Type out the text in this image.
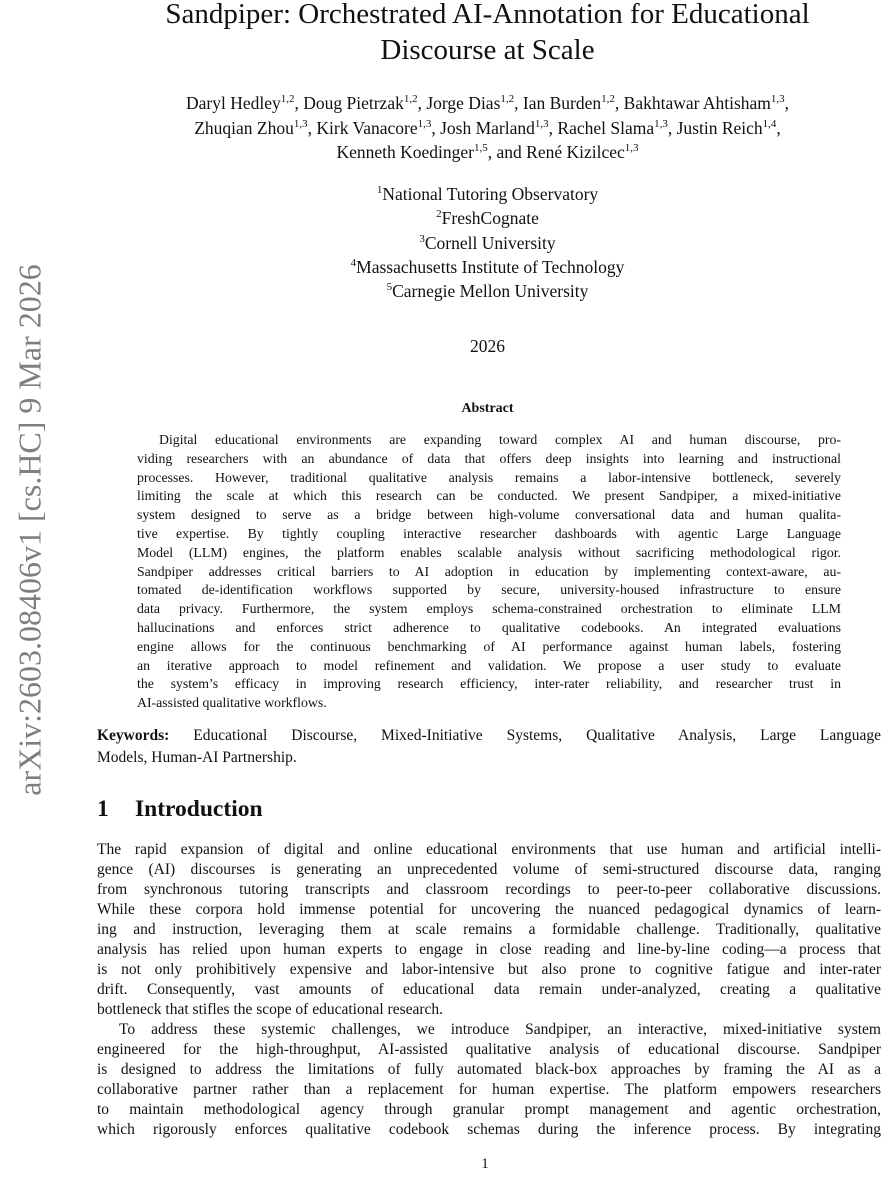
arXiv:2603.08406v1 [cs.HC] 9 Mar 2026
Sandpiper: Orchestrated AI-Annotation for Educational
Discourse at Scale
Daryl Hedley$^{1,2}$, Doug Pietrzak$^{1,2}$, Jorge Dias$^{1,2}$, Ian Burden$^{1,2}$, Bakhtawar Ahtisham$^{1,3}$,
Zhuqian Zhou$^{1,3}$, Kirk Vanacore$^{1,3}$, Josh Marland$^{1,3}$, Rachel Slama$^{1,3}$, Justin Reich$^{1,4}$,
Kenneth Koedinger$^{1,5}$, and René Kizilcec$^{1,3}$
$^1$National Tutoring Observatory
$^2$FreshCognate
$^3$Cornell University
$^4$Massachusetts Institute of Technology
$^5$Carnegie Mellon University
2026
Abstract
Digital educational environments are expanding toward complex AI and human discourse, pro-
viding researchers with an abundance of data that offers deep insights into learning and instructional
processes. However, traditional qualitative analysis remains a labor-intensive bottleneck, severely
limiting the scale at which this research can be conducted. We present Sandpiper, a mixed-initiative
system designed to serve as a bridge between high-volume conversational data and human qualita-
tive expertise. By tightly coupling interactive researcher dashboards with agentic Large Language
Model (LLM) engines, the platform enables scalable analysis without sacrificing methodological rigor.
Sandpiper addresses critical barriers to AI adoption in education by implementing context-aware, au-
tomated de-identification workflows supported by secure, university-housed infrastructure to ensure
data privacy. Furthermore, the system employs schema-constrained orchestration to eliminate LLM
hallucinations and enforces strict adherence to qualitative codebooks. An integrated evaluations
engine allows for the continuous benchmarking of AI performance against human labels, fostering
an iterative approach to model refinement and validation. We propose a user study to evaluate
the system’s efficacy in improving research efficiency, inter-rater reliability, and researcher trust in
AI-assisted qualitative workflows.
Keywords: Educational Discourse, Mixed-Initiative Systems, Qualitative Analysis, Large Language
Models, Human-AI Partnership.
1 Introduction
The rapid expansion of digital and online educational environments that use human and artificial intelli-
gence (AI) discourses is generating an unprecedented volume of semi-structured discourse data, ranging
from synchronous tutoring transcripts and classroom recordings to peer-to-peer collaborative discussions.
While these corpora hold immense potential for uncovering the nuanced pedagogical dynamics of learn-
ing and instruction, leveraging them at scale remains a formidable challenge. Traditionally, qualitative
analysis has relied upon human experts to engage in close reading and line-by-line coding—a process that
is not only prohibitively expensive and labor-intensive but also prone to cognitive fatigue and inter-rater
drift. Consequently, vast amounts of educational data remain under-analyzed, creating a qualitative
bottleneck that stifles the scope of educational research.
To address these systemic challenges, we introduce Sandpiper, an interactive, mixed-initiative system
engineered for the high-throughput, AI-assisted qualitative analysis of educational discourse. Sandpiper
is designed to address the limitations of fully automated black-box approaches by framing the AI as a
collaborative partner rather than a replacement for human expertise. The platform empowers researchers
to maintain methodological agency through granular prompt management and agentic orchestration,
which rigorously enforces qualitative codebook schemas during the inference process. By integrating
1
